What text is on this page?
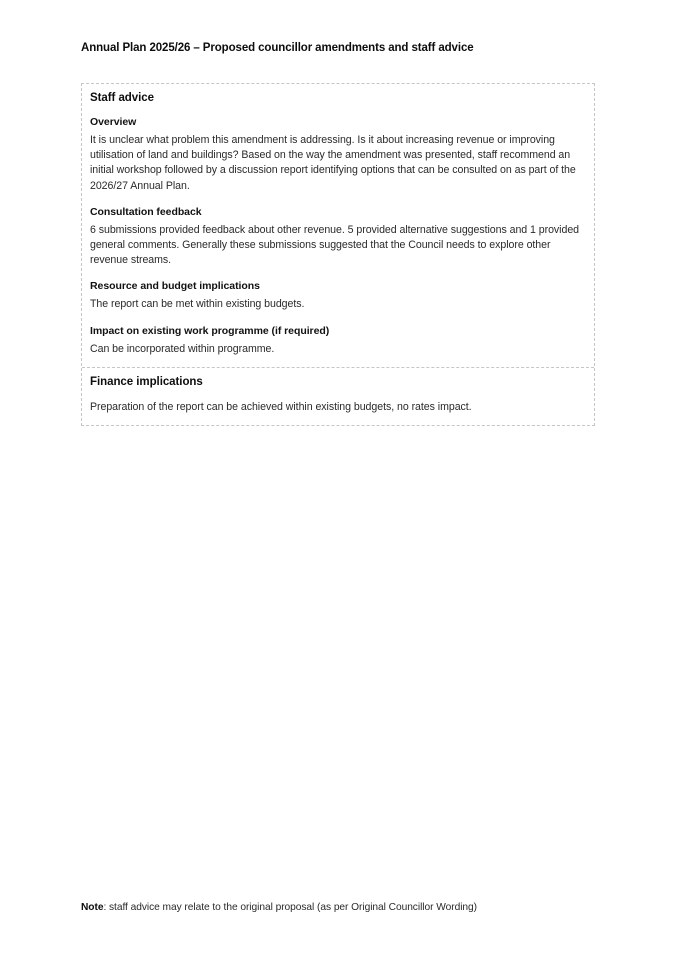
Annual Plan 2025/26 – Proposed councillor amendments and staff advice
Staff advice
Overview
It is unclear what problem this amendment is addressing. Is it about increasing revenue or improving utilisation of land and buildings? Based on the way the amendment was presented, staff recommend an initial workshop followed by a discussion report identifying options that can be consulted on as part of the 2026/27 Annual Plan.
Consultation feedback
6 submissions provided feedback about other revenue. 5 provided alternative suggestions and 1 provided general comments. Generally these submissions suggested that the Council needs to explore other revenue streams.
Resource and budget implications
The report can be met within existing budgets.
Impact on existing work programme (if required)
Can be incorporated within programme.
Finance implications
Preparation of the report can be achieved within existing budgets, no rates impact.
Note: staff advice may relate to the original proposal (as per Original Councillor Wording)
